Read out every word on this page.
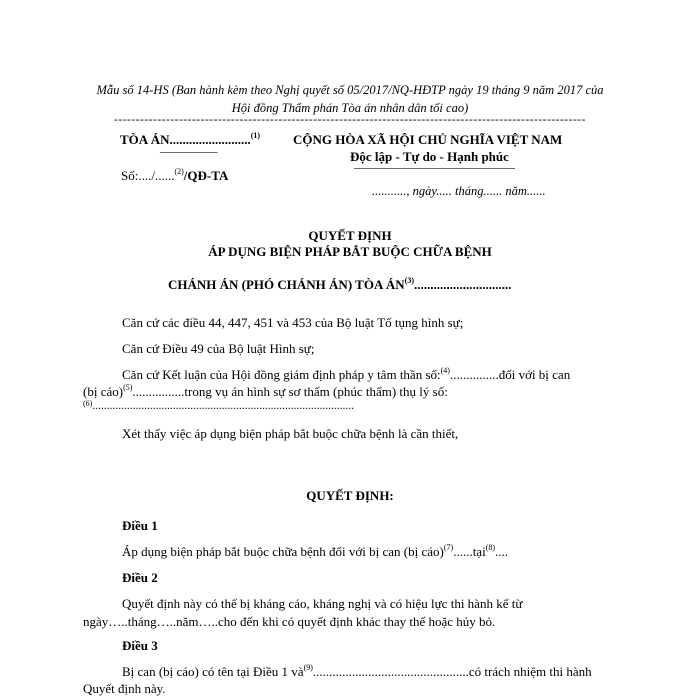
Mẫu số 14-HS (Ban hành kèm theo Nghị quyết số 05/2017/NQ-HĐTP ngày 19 tháng 9 năm 2017 của
Hội đồng Thẩm phán Tòa án nhân dân tối cao)
-------------------------------------------------------------------------------------------------------------
TÒA ÁN.........................$^{(1)}$
—————
Số:..../......$^{(2)}$/QĐ-TA
CỘNG HÒA XÃ HỘI CHỦ NGHĨA VIỆT NAM
Độc lập - Tự do - Hạnh phúc
——————————————
..........., ngày..... tháng...... năm......
QUYẾT ĐỊNH
ÁP DỤNG BIỆN PHÁP BẮT BUỘC CHỮA BỆNH
CHÁNH ÁN (PHÓ CHÁNH ÁN) TÒA ÁN$^{(3)}$..............................
Căn cứ các điều 44, 447, 451 và 453 của Bộ luật Tố tụng hình sự;
Căn cứ Điều 49 của Bộ luật Hình sự;
Căn cứ Kết luận của Hội đồng giám định pháp y tâm thần số:$^{(4)}$...............đối với bị can
(bị cáo)$^{(5)}$................trong vụ án hình sự sơ thẩm (phúc thẩm) thụ lý số:
$^{(6)}$...........................................................................................
Xét thấy việc áp dụng biện pháp bắt buộc chữa bệnh là cần thiết,
QUYẾT ĐỊNH:
Điều 1
Áp dụng biện pháp bắt buộc chữa bệnh đối với bị can (bị cáo)$^{(7)}$......tại$^{(8)}$....
Điều 2
Quyết định này có thể bị kháng cáo, kháng nghị và có hiệu lực thi hành kể từ
ngày…..tháng…..năm…..cho đến khi có quyết định khác thay thế hoặc hủy bỏ.
Điều 3
Bị can (bị cáo) có tên tại Điều 1 $và^{(9)}................................................có$ trách nhiệm thi hành
Quyết định này.
